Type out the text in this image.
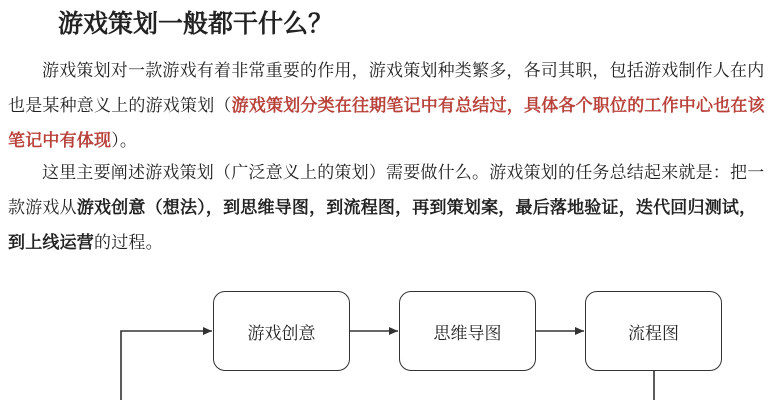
游戏策划一般都干什么？
游戏策划对一款游戏有着非常重要的作用，游戏策划种类繁多，各司其职，包括游戏制作人在内也是某种意义上的游戏策划（游戏策划分类在往期笔记中有总结过，具体各个职位的工作中心也在该笔记中有体现）。
这里主要阐述游戏策划（广泛意义上的策划）需要做什么。游戏策划的任务总结起来就是：把一款游戏从游戏创意（想法），到思维导图，到流程图，再到策划案，最后落地验证，迭代回归测试，到上线运营的过程。
游戏创意	思维导图	流程图
